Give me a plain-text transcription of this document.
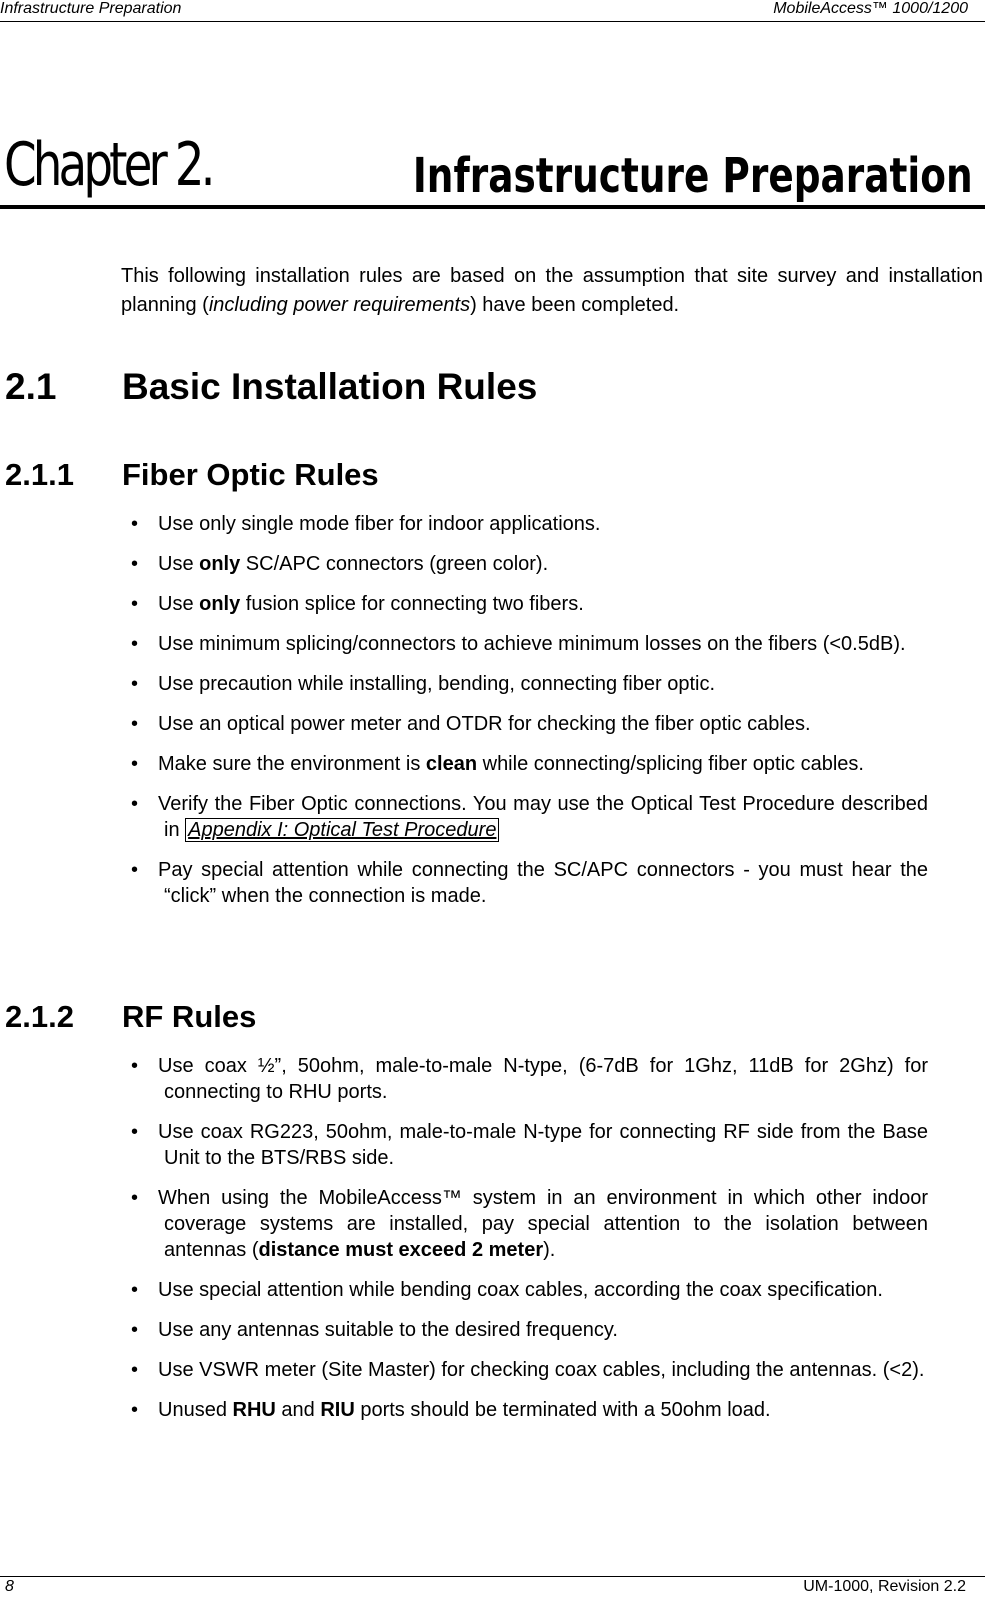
Infrastructure Preparation	MobileAccess™ 1000/1200
Chapter 2.	Infrastructure Preparation

This following installation rules are based on the assumption that site survey and installation planning (including power requirements) have been completed.

2.1 Basic Installation Rules
2.1.1 Fiber Optic Rules
• Use only single mode fiber for indoor applications.
• Use only SC/APC connectors (green color).
• Use only fusion splice for connecting two fibers.
• Use minimum splicing/connectors to achieve minimum losses on the fibers (<0.5dB).
• Use precaution while installing, bending, connecting fiber optic.
• Use an optical power meter and OTDR for checking the fiber optic cables.
• Make sure the environment is clean while connecting/splicing fiber optic cables.
• Verify the Fiber Optic connections. You may use the Optical Test Procedure described in Appendix I: Optical Test Procedure
• Pay special attention while connecting the SC/APC connectors - you must hear the “click” when the connection is made.
2.1.2 RF Rules
• Use coax ½”, 50ohm, male-to-male N-type, (6-7dB for 1Ghz, 11dB for 2Ghz) for connecting to RHU ports.
• Use coax RG223, 50ohm, male-to-male N-type for connecting RF side from the Base Unit to the BTS/RBS side.
• When using the MobileAccess™ system in an environment in which other indoor coverage systems are installed, pay special attention to the isolation between antennas (distance must exceed 2 meter).
• Use special attention while bending coax cables, according the coax specification.
• Use any antennas suitable to the desired frequency.
• Use VSWR meter (Site Master) for checking coax cables, including the antennas. (<2).
• Unused RHU and RIU ports should be terminated with a 50ohm load.
8	UM-1000, Revision 2.2
